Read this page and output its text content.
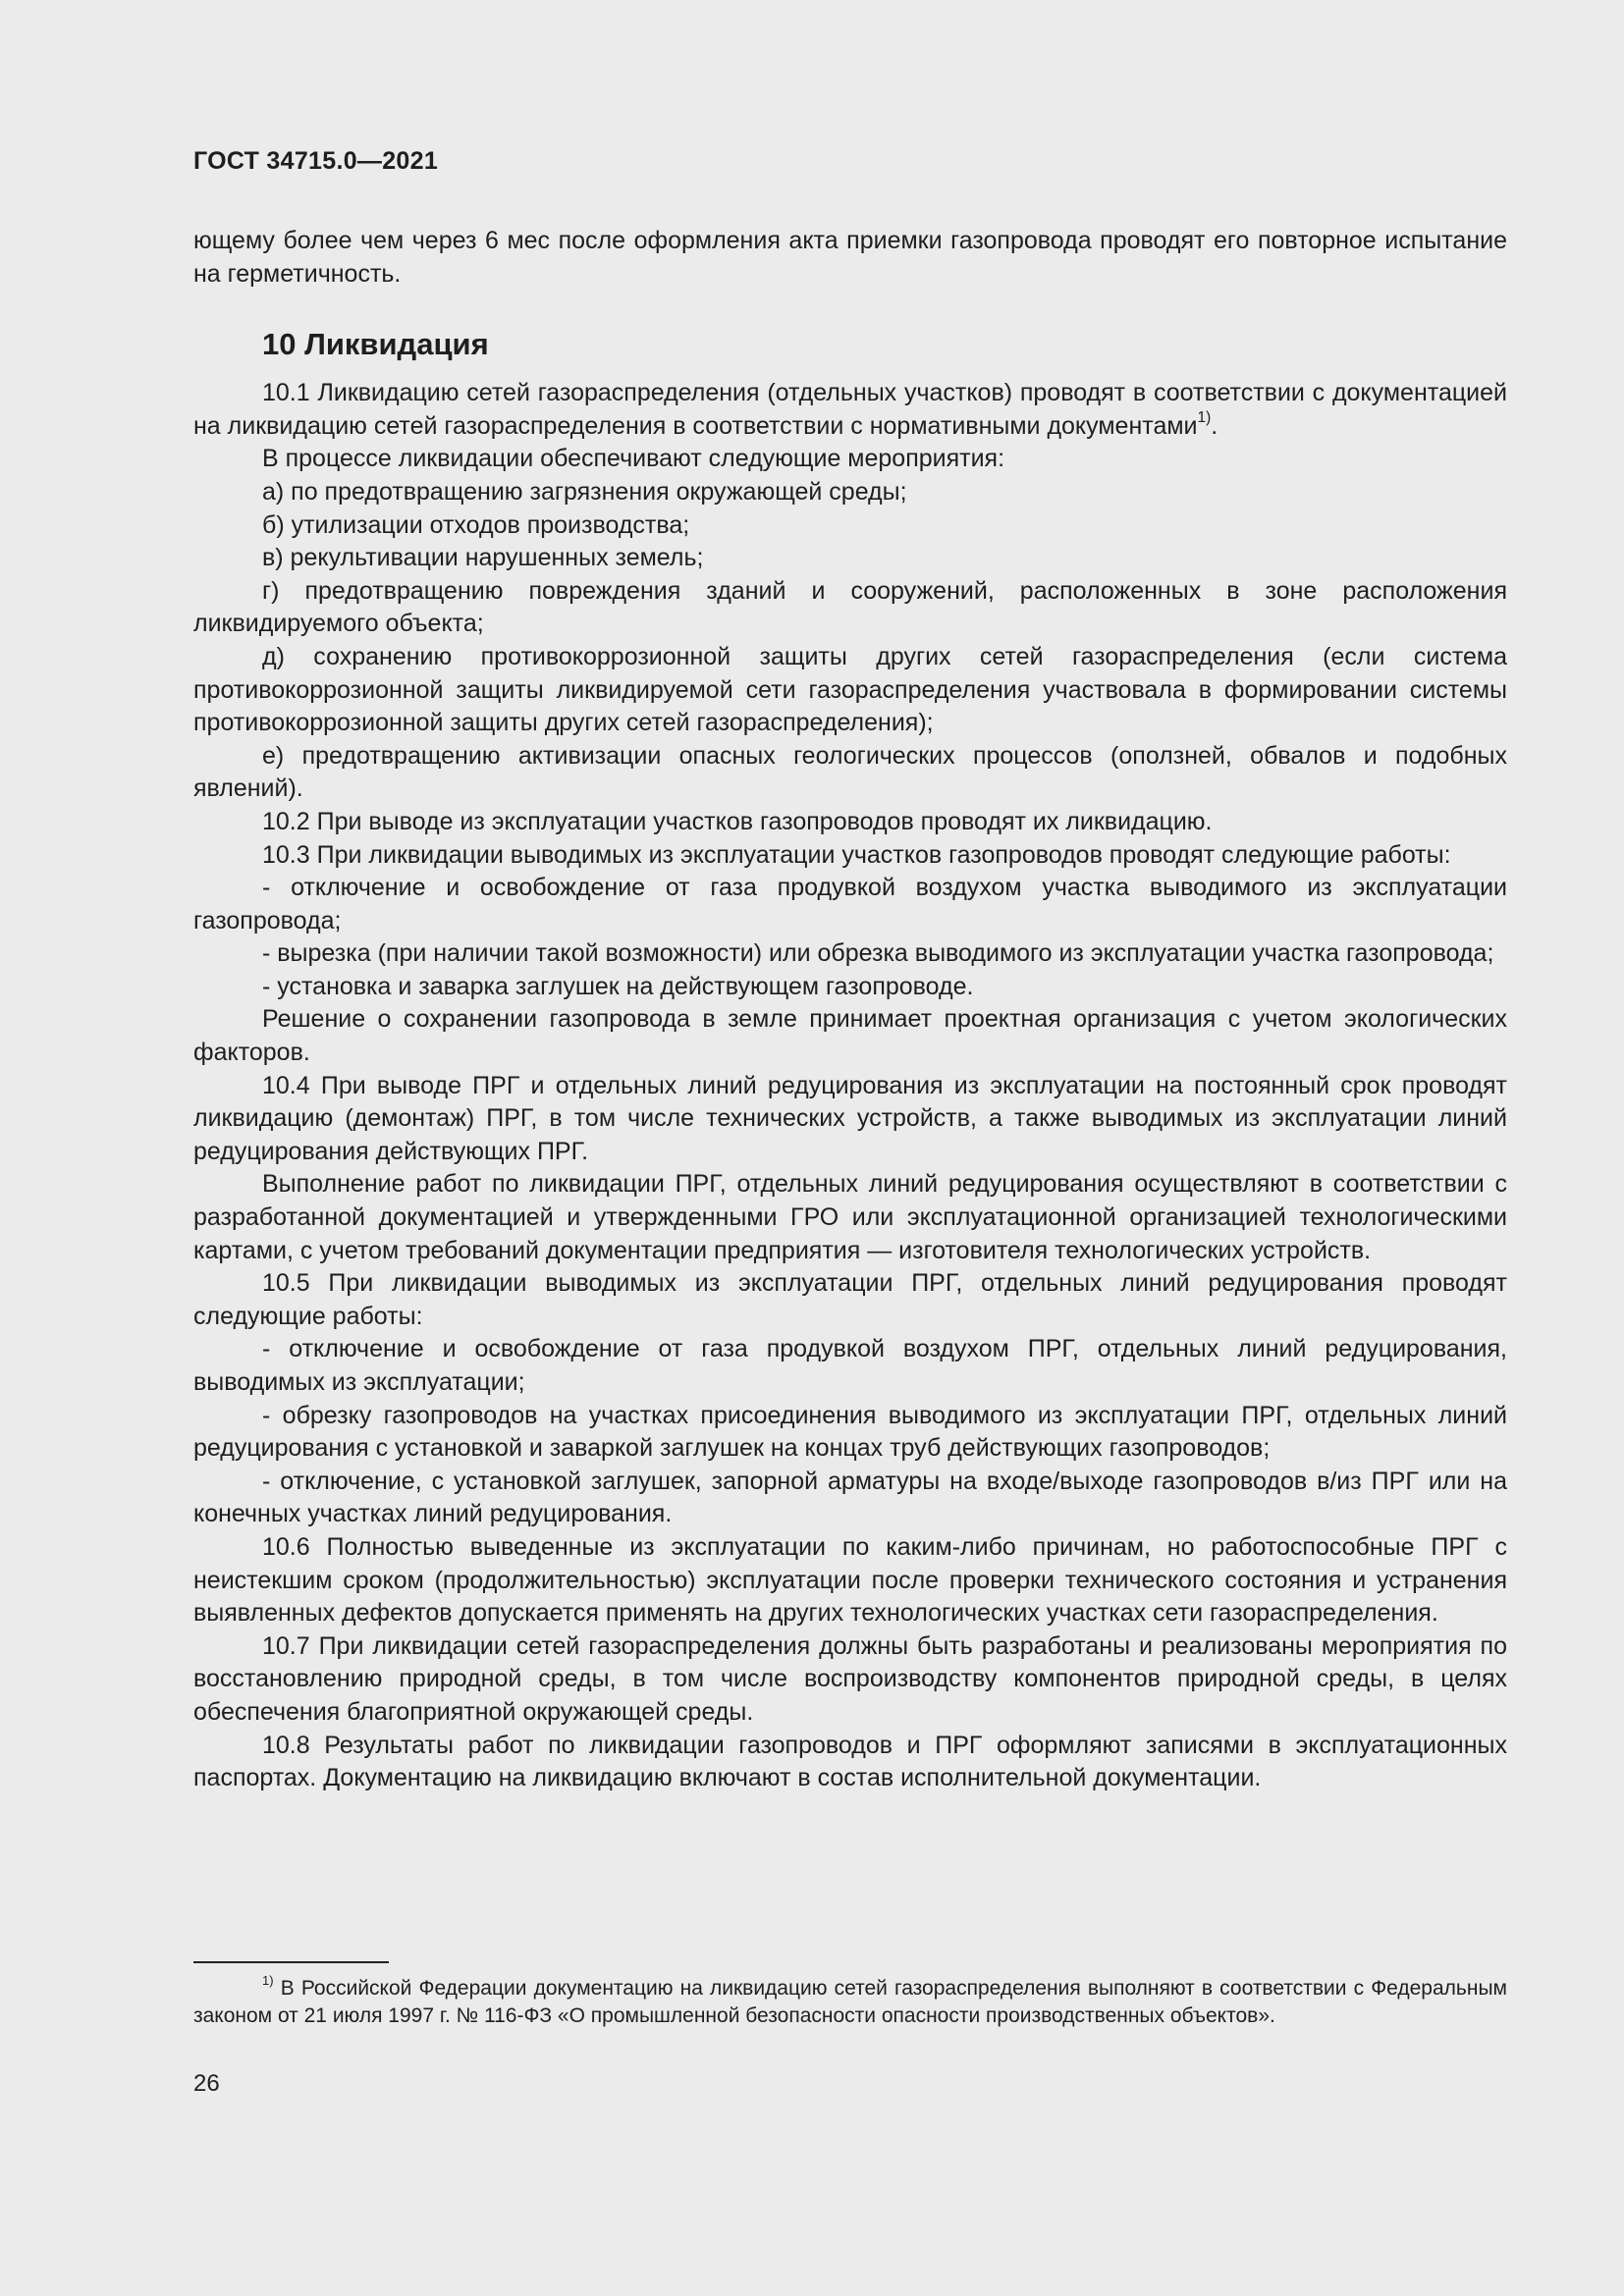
ГОСТ 34715.0—2021

ющему более чем через 6 мес после оформления акта приемки газопровода проводят его повторное испытание на герметичность.

10 Ликвидация

10.1 Ликвидацию сетей газораспределения (отдельных участков) проводят в соответствии с документацией на ликвидацию сетей газораспределения в соответствии с нормативными документами$^{1)}$.

В процессе ликвидации обеспечивают следующие мероприятия:

а) по предотвращению загрязнения окружающей среды;

б) утилизации отходов производства;

в) рекультивации нарушенных земель;

г) предотвращению повреждения зданий и сооружений, расположенных в зоне расположения ликвидируемого объекта;

д) сохранению противокоррозионной защиты других сетей газораспределения (если система противокоррозионной защиты ликвидируемой сети газораспределения участвовала в формировании системы противокоррозионной защиты других сетей газораспределения);

е) предотвращению активизации опасных геологических процессов (оползней, обвалов и подобных явлений).

10.2 При выводе из эксплуатации участков газопроводов проводят их ликвидацию.

10.3 При ликвидации выводимых из эксплуатации участков газопроводов проводят следующие работы:

- отключение и освобождение от газа продувкой воздухом участка выводимого из эксплуатации газопровода;

- вырезка (при наличии такой возможности) или обрезка выводимого из эксплуатации участка газопровода;

- установка и заварка заглушек на действующем газопроводе.

Решение о сохранении газопровода в земле принимает проектная организация с учетом экологических факторов.

10.4 При выводе ПРГ и отдельных линий редуцирования из эксплуатации на постоянный срок проводят ликвидацию (демонтаж) ПРГ, в том числе технических устройств, а также выводимых из эксплуатации линий редуцирования действующих ПРГ.

Выполнение работ по ликвидации ПРГ, отдельных линий редуцирования осуществляют в соответствии с разработанной документацией и утвержденными ГРО или эксплуатационной организацией технологическими картами, с учетом требований документации предприятия — изготовителя технологических устройств.

10.5 При ликвидации выводимых из эксплуатации ПРГ, отдельных линий редуцирования проводят следующие работы:

- отключение и освобождение от газа продувкой воздухом ПРГ, отдельных линий редуцирования, выводимых из эксплуатации;

- обрезку газопроводов на участках присоединения выводимого из эксплуатации ПРГ, отдельных линий редуцирования с установкой и заваркой заглушек на концах труб действующих газопроводов;

- отключение, с установкой заглушек, запорной арматуры на входе/выходе газопроводов в/из ПРГ или на конечных участках линий редуцирования.

10.6 Полностью выведенные из эксплуатации по каким-либо причинам, но работоспособные ПРГ с неистекшим сроком (продолжительностью) эксплуатации после проверки технического состояния и устранения выявленных дефектов допускается применять на других технологических участках сети газораспределения.

10.7 При ликвидации сетей газораспределения должны быть разработаны и реализованы мероприятия по восстановлению природной среды, в том числе воспроизводству компонентов природной среды, в целях обеспечения благоприятной окружающей среды.

10.8 Результаты работ по ликвидации газопроводов и ПРГ оформляют записями в эксплуатационных паспортах. Документацию на ликвидацию включают в состав исполнительной документации.

$^{1)}$ В Российской Федерации документацию на ликвидацию сетей газораспределения выполняют в соответствии с Федеральным законом от 21 июля 1997 г. № 116-ФЗ «О промышленной безопасности опасности производственных объектов».

26
